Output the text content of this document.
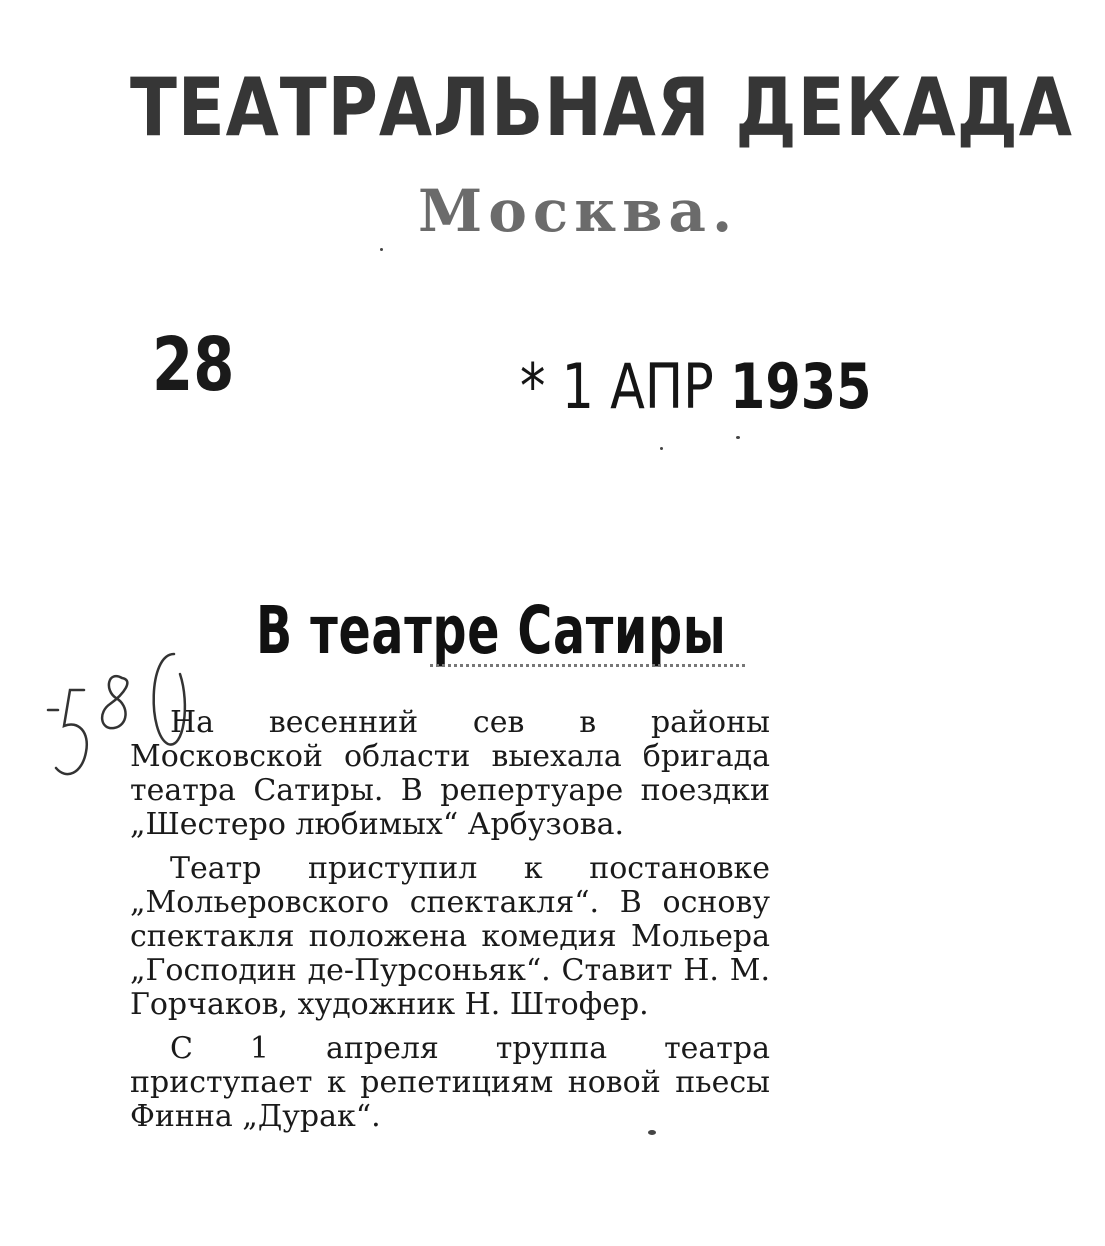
ТЕАТРАЛЬНАЯ ДЕКАДА
Москва.
28	* 1 АПР 1935
В театре Сатиры

На весенний сев в районы Московской области выехала бригада театра Сатиры. В репертуаре поездки „Шестеро любимых“ Арбузова.

Театр приступил к постановке „Мольеровского спектакля“. В основу спектакля положена комедия Мольера „Господин де-Пурсоньяк“. Ставит Н. М. Горчаков, художник Н. Штофер.

С 1 апреля труппа театра приступает к репетициям новой пьесы Финна „Дурак“.
